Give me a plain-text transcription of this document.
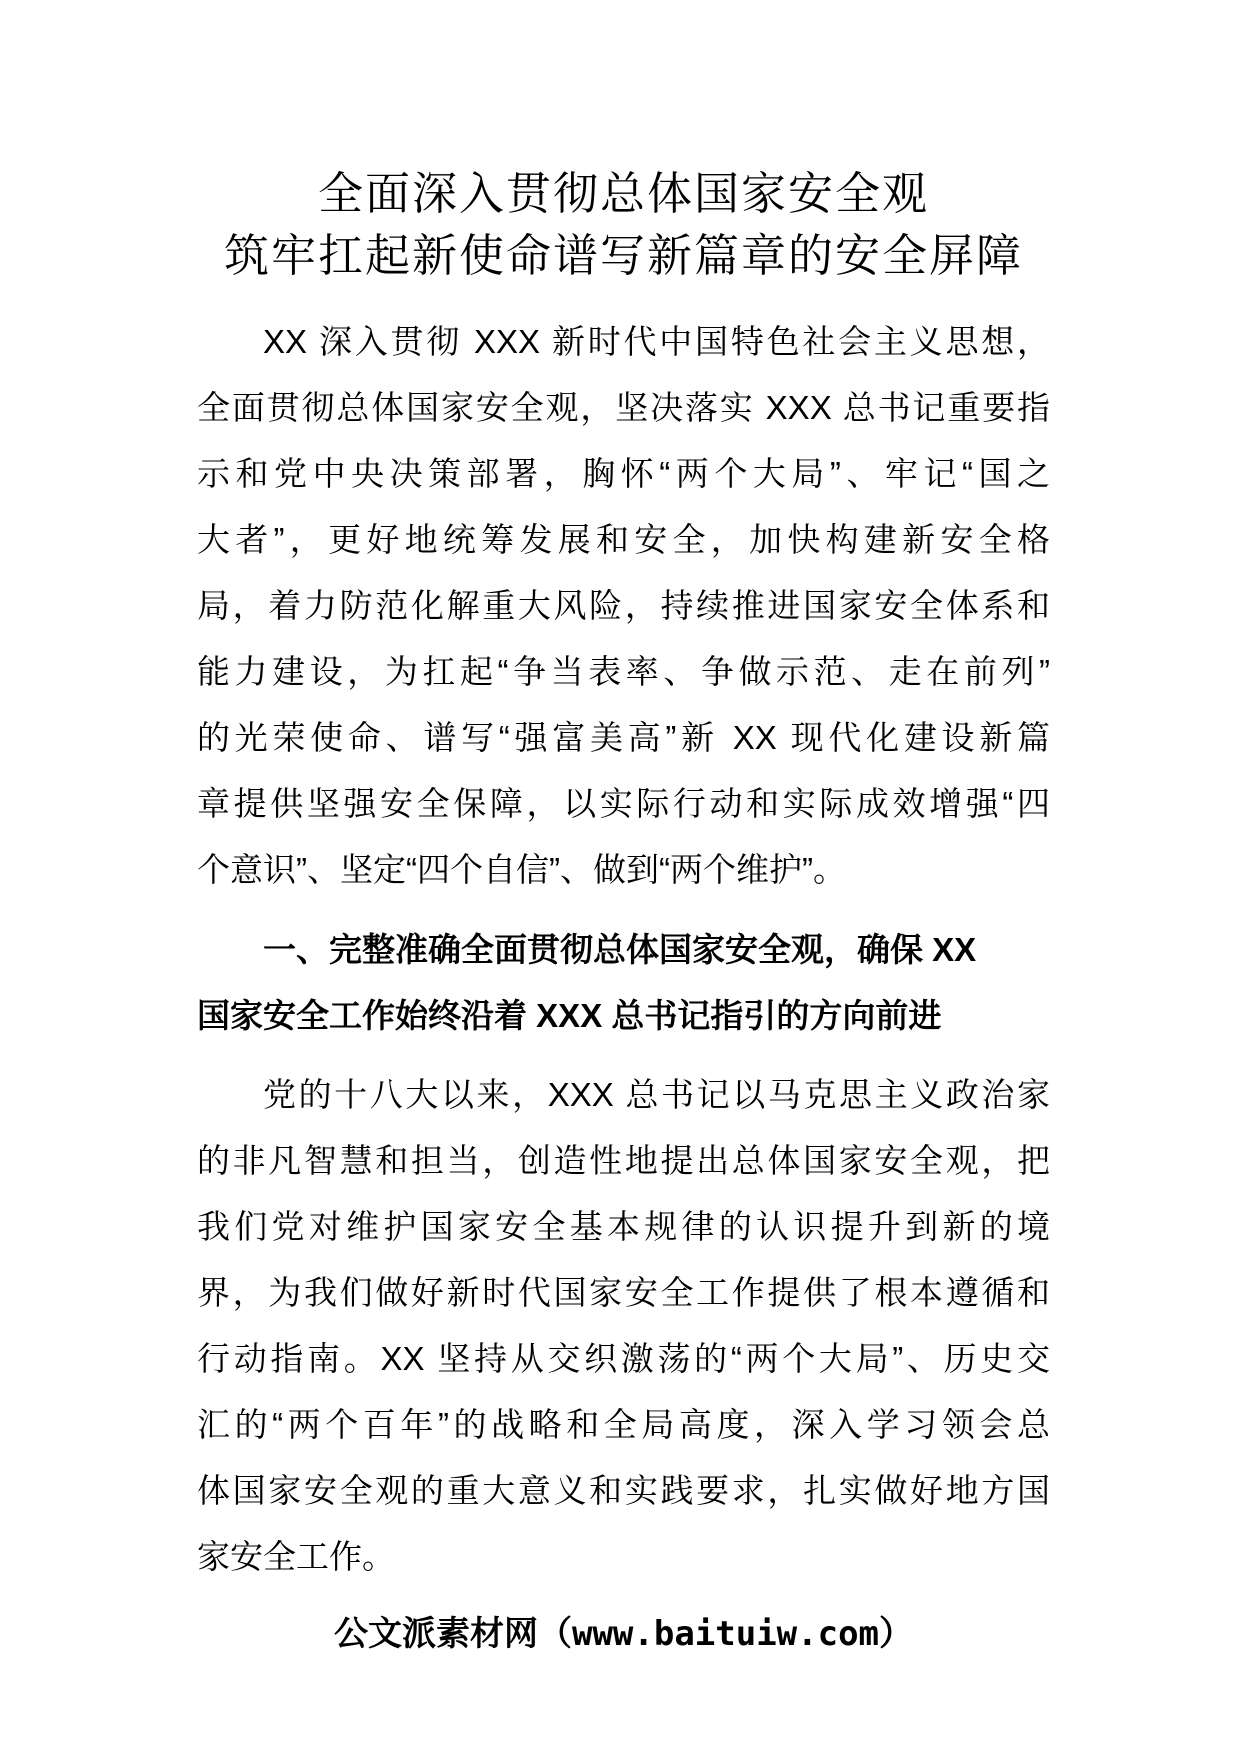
全面深入贯彻总体国家安全观
筑牢扛起新使命谱写新篇章的安全屏障
XX 深入贯彻 XXX 新时代中国特色社会主义思想，
全面贯彻总体国家安全观，坚决落实 XXX 总书记重要指
示和党中央决策部署，胸怀“两个大局”、牢记“国之
大者”，更好地统筹发展和安全，加快构建新安全格
局，着力防范化解重大风险，持续推进国家安全体系和
能力建设，为扛起“争当表率、争做示范、走在前列”
的光荣使命、谱写“强富美高”新 XX 现代化建设新篇
章提供坚强安全保障，以实际行动和实际成效增强“四
个意识”、坚定“四个自信”、做到“两个维护”。
一、完整准确全面贯彻总体国家安全观，确保 XX
国家安全工作始终沿着 XXX 总书记指引的方向前进
党的十八大以来，XXX 总书记以马克思主义政治家
的非凡智慧和担当，创造性地提出总体国家安全观，把
我们党对维护国家安全基本规律的认识提升到新的境
界，为我们做好新时代国家安全工作提供了根本遵循和
行动指南。XX 坚持从交织激荡的“两个大局”、历史交
汇的“两个百年”的战略和全局高度，深入学习领会总
体国家安全观的重大意义和实践要求，扎实做好地方国
家安全工作。
公文派素材网（www.baituiw.com）
